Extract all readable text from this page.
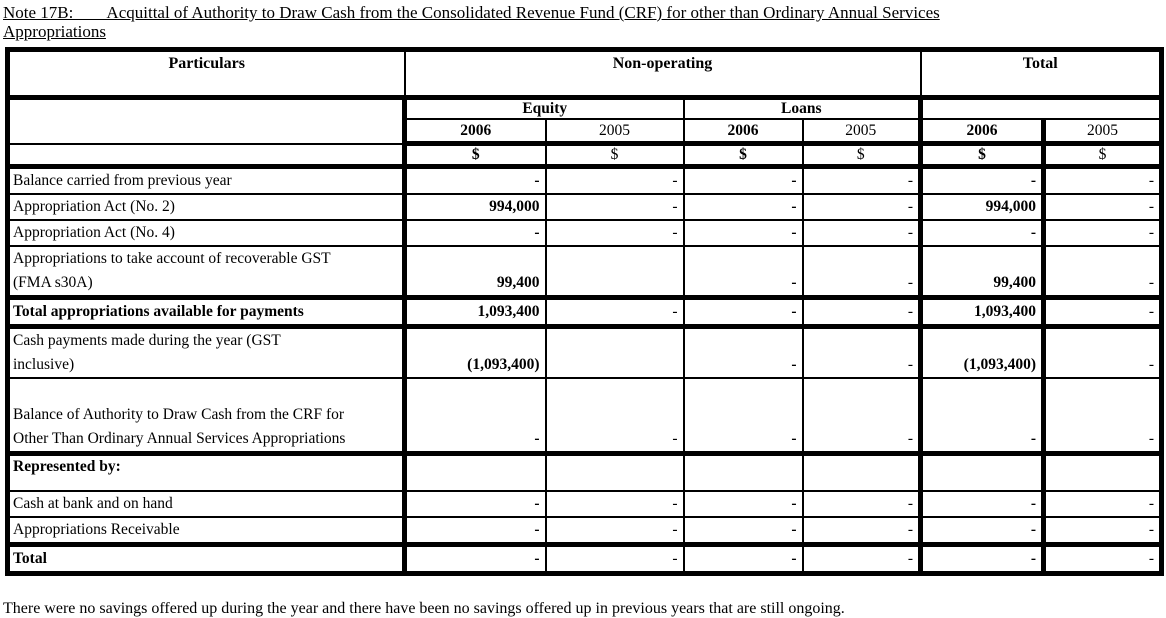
Note 17B:        Acquittal of Authority to Draw Cash from the Consolidated Revenue Fund (CRF) for other than Ordinary Annual Services
Appropriations
Particulars	Non-operating				Total	
	Equity		Loans			
	2006	2005	2006	2005	2006	2005
	$	$	$	$	$	$
Balance carried from previous year	-	-	-	-	-	-
Appropriation Act (No. 2)	994,000	-	-	-	994,000	-
Appropriation Act (No. 4)	-	-	-	-	-	-
Appropriations to take account of recoverable GST (FMA s30A)	99,400		-	-	99,400	-
Total appropriations available for payments	1,093,400	-	-	-	1,093,400	-
Cash payments made during the year (GST inclusive)	(1,093,400)		-	-	(1,093,400)	-
Balance of Authority to Draw Cash from the CRF for Other Than Ordinary Annual Services Appropriations	-	-	-	-	-	-
Represented by:						
Cash at bank and on hand	-	-	-	-	-	-
Appropriations Receivable	-	-	-	-	-	-
Total	-	-	-	-	-	-
There were no savings offered up during the year and there have been no savings offered up in previous years that are still ongoing.
